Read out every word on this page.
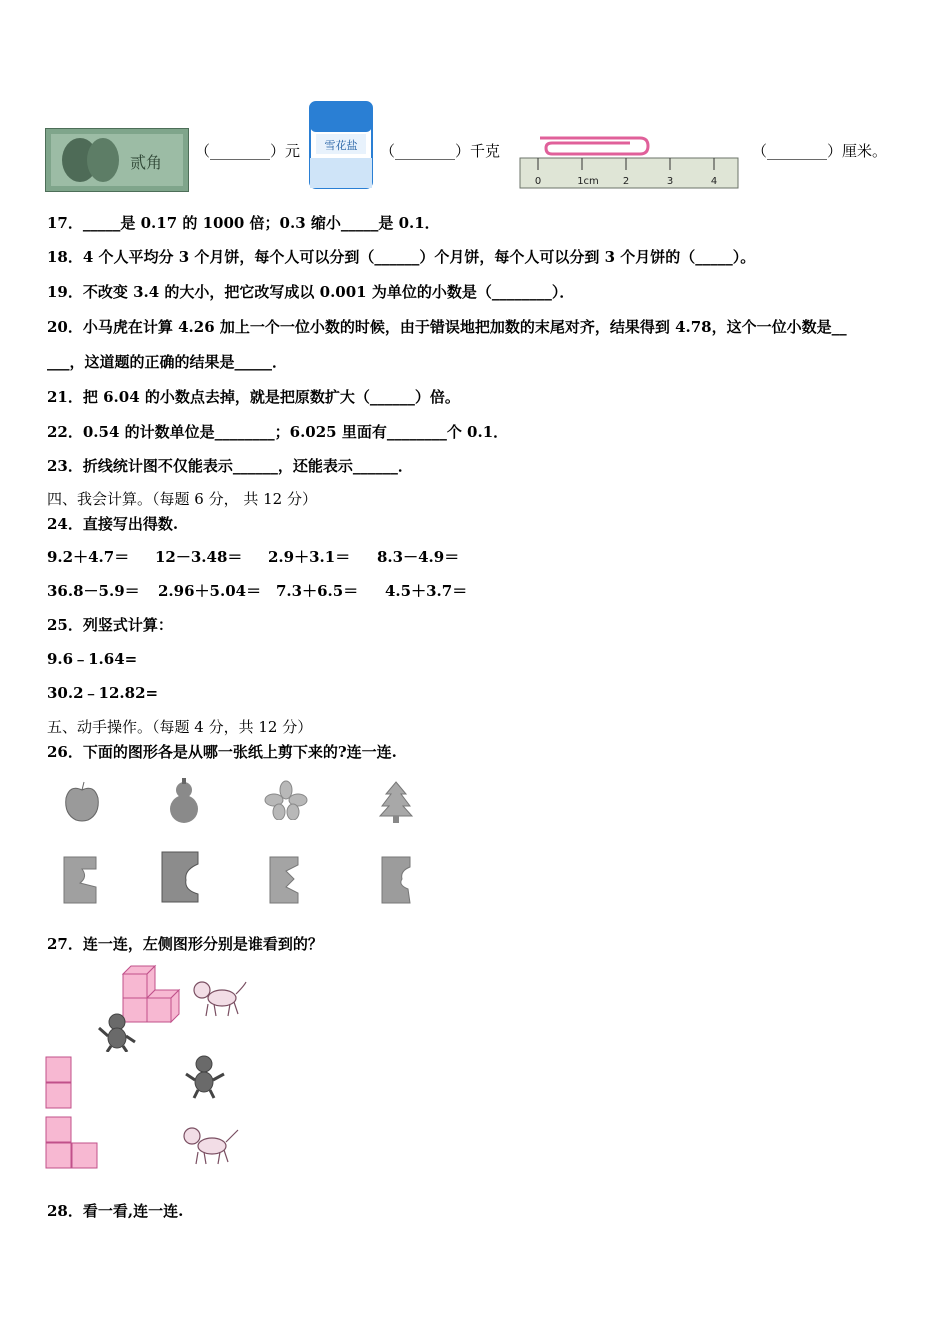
贰角
（________）元 雪花盐 （________）千克
0	1cm 2	3	4
（________）厘米。
17．_____是 0.17 的 1000 倍；0.3 缩小_____是 0.1．
18．4 个人平均分 3 个月饼，每个人可以分到（______）个月饼，每个人可以分到 3 个月饼的（_____）。
19．不改变 3.4 的大小，把它改写成以 0.001 为单位的小数是（________）．
20．小马虎在计算 4.26 加上一个一位小数的时候，由于错误地把加数的末尾对齐，结果得到 4.78，这个一位小数是__
___，这道题的正确的结果是_____．
21．把 6.04 的小数点去掉，就是把原数扩大（______）倍。
22．0.54 的计数单位是________；6.025 里面有________个 0.1．
23．折线统计图不仅能表示______，还能表示______．
四、我会计算。（每题 6 分， 共 12 分）
24．直接写出得数.
9.2＋4.7＝ 12－3.48＝ 2.9＋3.1＝ 8.3－4.9＝
36.8－5.9＝ 2.96＋5.04＝ 7.3＋6.5＝ 4.5＋3.7＝
25．列竖式计算：
9.6﹣1.64=
30.2﹣12.82=
五、动手操作。（每题 4 分，共 12 分）
26．下面的图形各是从哪一张纸上剪下来的?连一连.
27．连一连，左侧图形分别是谁看到的？
28．看一看,连一连.
